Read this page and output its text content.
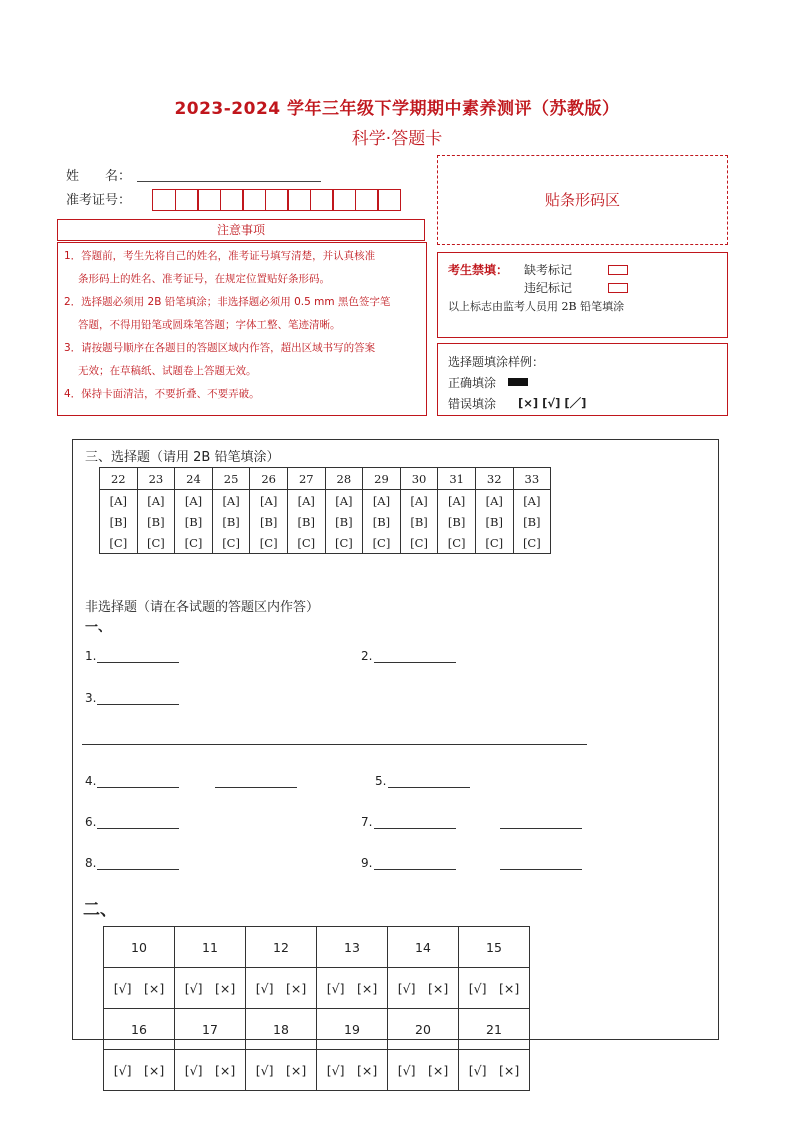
2023-2024 学年三年级下学期期中素养测评（苏教版）
科学·答题卡
姓　　名：
准考证号：
注意事项
1．答题前，考生先将自己的姓名，准考证号填写清楚，并认真核准
条形码上的姓名、准考证号，在规定位置贴好条形码。
2．选择题必须用 2B 铅笔填涂；非选择题必须用 0.5 mm 黑色签字笔
答题，不得用铅笔或圆珠笔答题；字体工整、笔迹清晰。
3．请按题号顺序在各题目的答题区域内作答，超出区域书写的答案
无效；在草稿纸、试题卷上答题无效。
4．保持卡面清洁，不要折叠、不要弄破。
贴条形码区
考生禁填： 缺考标记
违纪标记
以上标志由监考人员用 2B 铅笔填涂
选择题填涂样例：
正确填涂
错误填涂 [×] [√] [／]
三、选择题（请用 2B 铅笔填涂）
22	23	24	25	26	27	28	29	30	31	32	33
[A]	[A]	[A]	[A]	[A]	[A]	[A]	[A]	[A]	[A]	[A]	[A]
[B]	[B]	[B]	[B]	[B]	[B]	[B]	[B]	[B]	[B]	[B]	[B]
[C]	[C]	[C]	[C]	[C]	[C]	[C]	[C]	[C]	[C]	[C]	[C]
非选择题（请在各试题的答题区内作答）
一、
1.	2.
3.
4.	5.
6.	7.
8.	9.
二、
10	11	12	13	14	15
[√]　[×]	[√]　[×]	[√]　[×]	[√]　[×]	[√]　[×]	[√]　[×]
16	17	18	19	20	21
[√]　[×]	[√]　[×]	[√]　[×]	[√]　[×]	[√]　[×]	[√]　[×]
